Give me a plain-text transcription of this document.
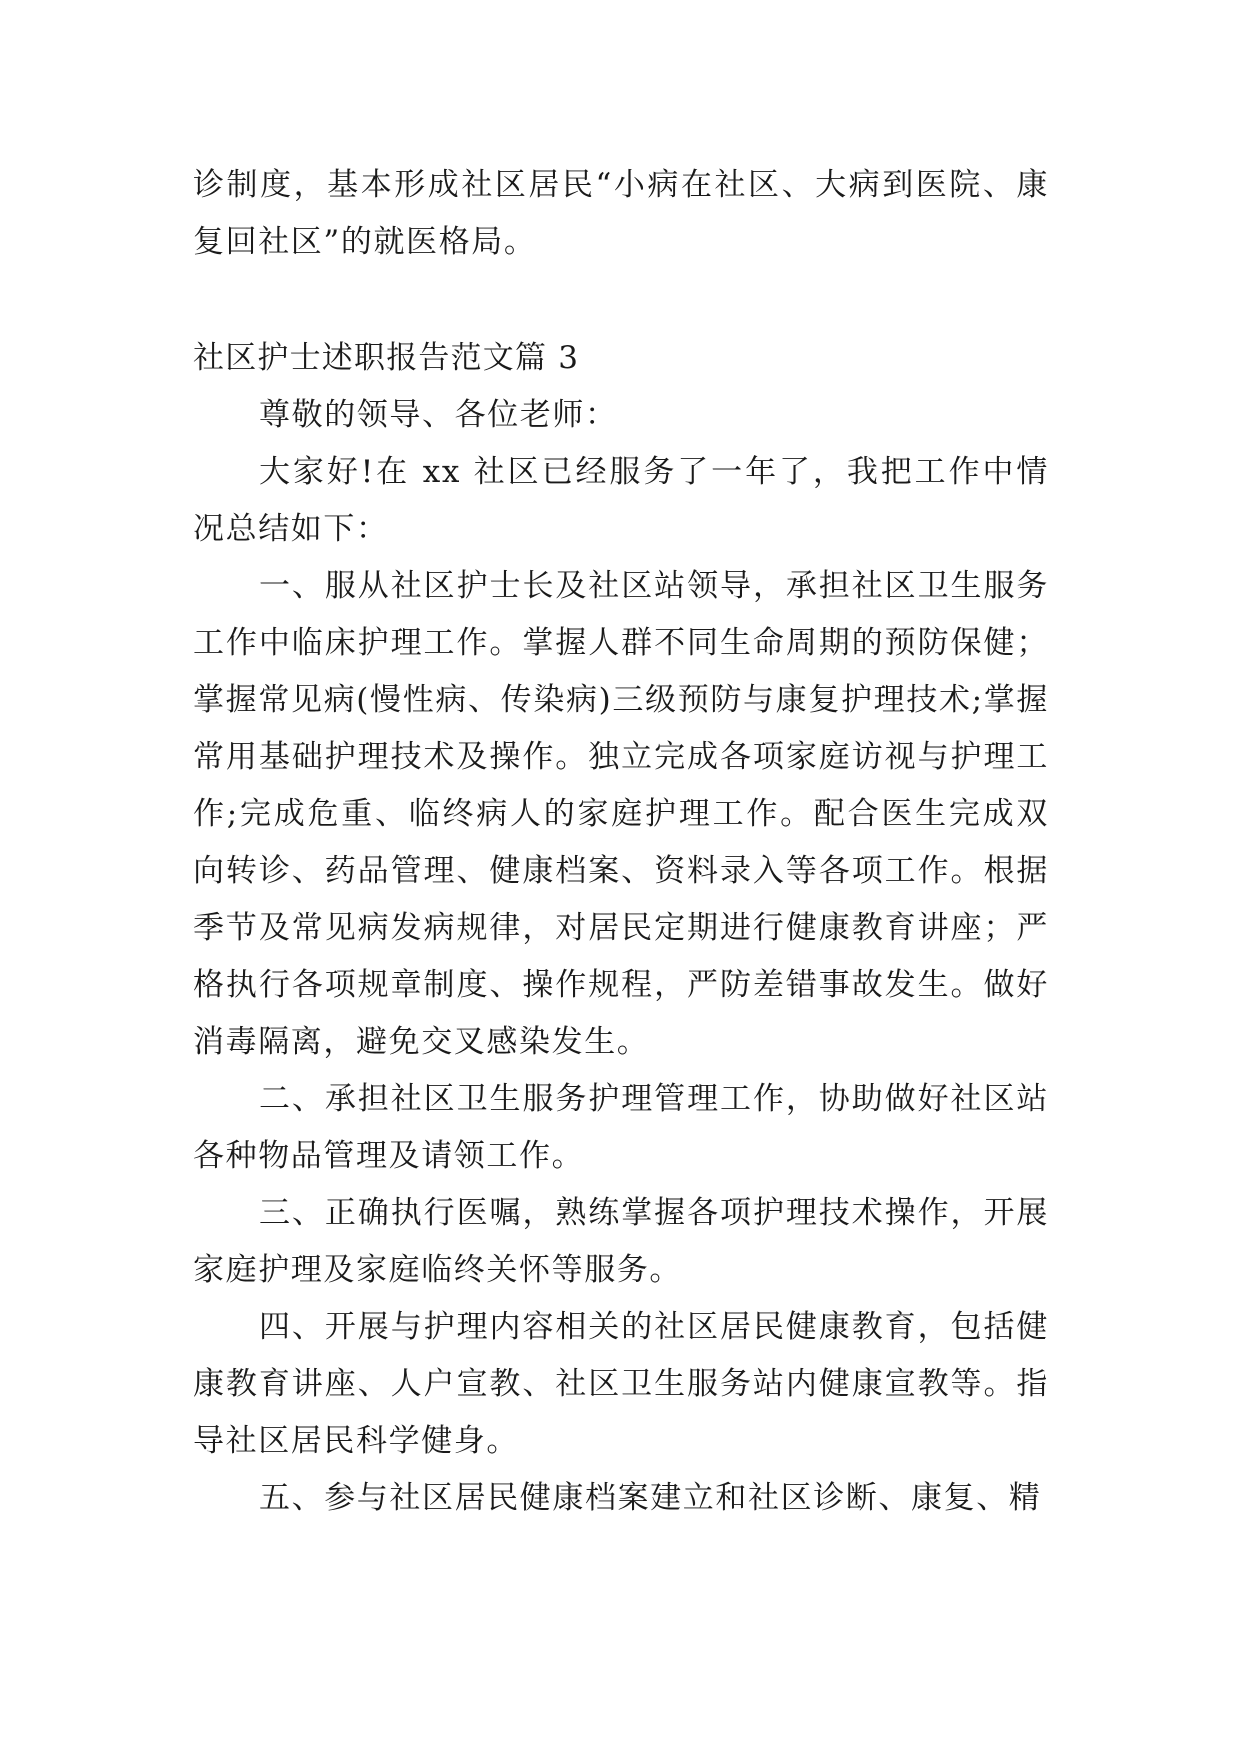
诊制度，基本形成社区居民“小病在社区、大病到医院、康复回社区”的就医格局。

社区护士述职报告范文篇 3

尊敬的领导、各位老师：

大家好!在 xx 社区已经服务了一年了，我把工作中情况总结如下：

一、服从社区护士长及社区站领导，承担社区卫生服务工作中临床护理工作。掌握人群不同生命周期的预防保健；掌握常见病(慢性病、传染病)三级预防与康复护理技术;掌握常用基础护理技术及操作。独立完成各项家庭访视与护理工作;完成危重、临终病人的家庭护理工作。配合医生完成双向转诊、药品管理、健康档案、资料录入等各项工作。根据季节及常见病发病规律，对居民定期进行健康教育讲座；严格执行各项规章制度、操作规程，严防差错事故发生。做好消毒隔离，避免交叉感染发生。

二、承担社区卫生服务护理管理工作，协助做好社区站各种物品管理及请领工作。

三、正确执行医嘱，熟练掌握各项护理技术操作，开展家庭护理及家庭临终关怀等服务。

四、开展与护理内容相关的社区居民健康教育，包括健康教育讲座、人户宣教、社区卫生服务站内健康宣教等。指导社区居民科学健身。

五、参与社区居民健康档案建立和社区诊断、康复、精
